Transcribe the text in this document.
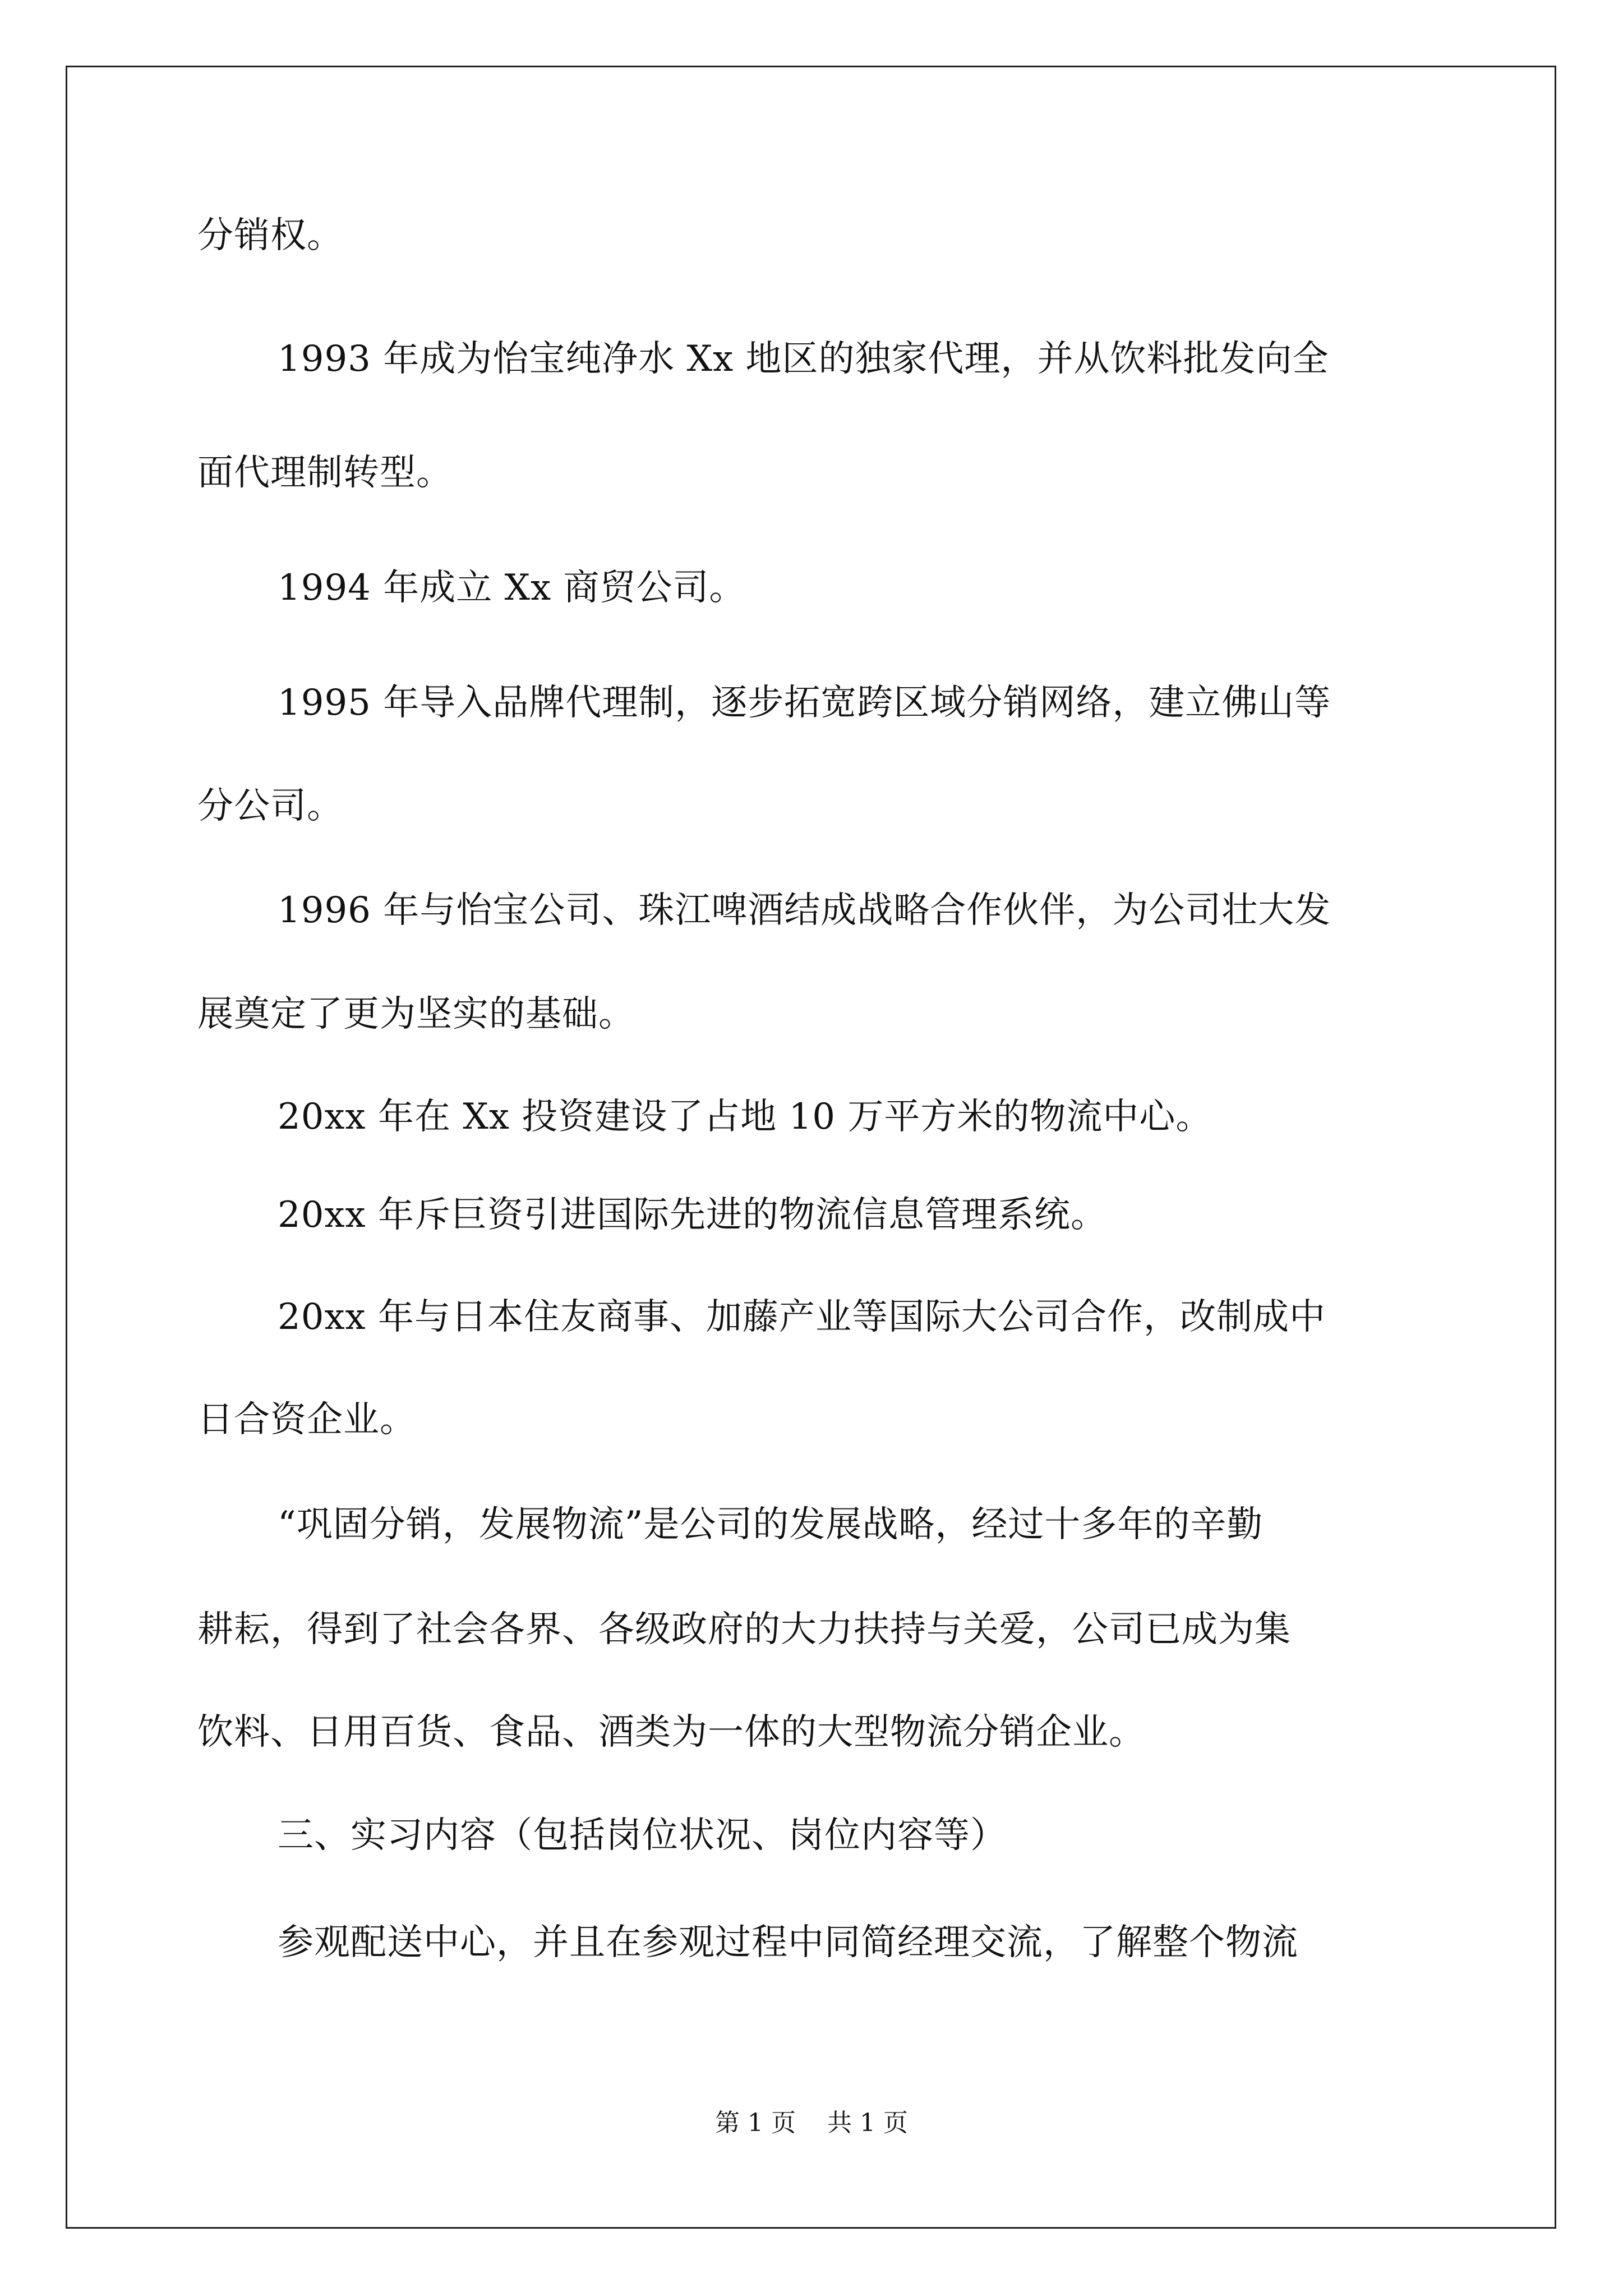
分销权。

1993 年成为怡宝纯净水 Xx 地区的独家代理，并从饮料批发向全

面代理制转型。

1994 年成立 Xx 商贸公司。

1995 年导入品牌代理制，逐步拓宽跨区域分销网络，建立佛山等

分公司。

1996 年与怡宝公司、珠江啤酒结成战略合作伙伴，为公司壮大发

展奠定了更为坚实的基础。

20xx 年在 Xx 投资建设了占地 10 万平方米的物流中心。

20xx 年斥巨资引进国际先进的物流信息管理系统。

20xx 年与日本住友商事、加藤产业等国际大公司合作，改制成中

日合资企业。

“巩固分销，发展物流”是公司的发展战略，经过十多年的辛勤

耕耘，得到了社会各界、各级政府的大力扶持与关爱，公司已成为集

饮料、日用百货、食品、酒类为一体的大型物流分销企业。

三、实习内容（包括岗位状况、岗位内容等）

参观配送中心，并且在参观过程中同简经理交流，了解整个物流

第 1 页    共 1 页
